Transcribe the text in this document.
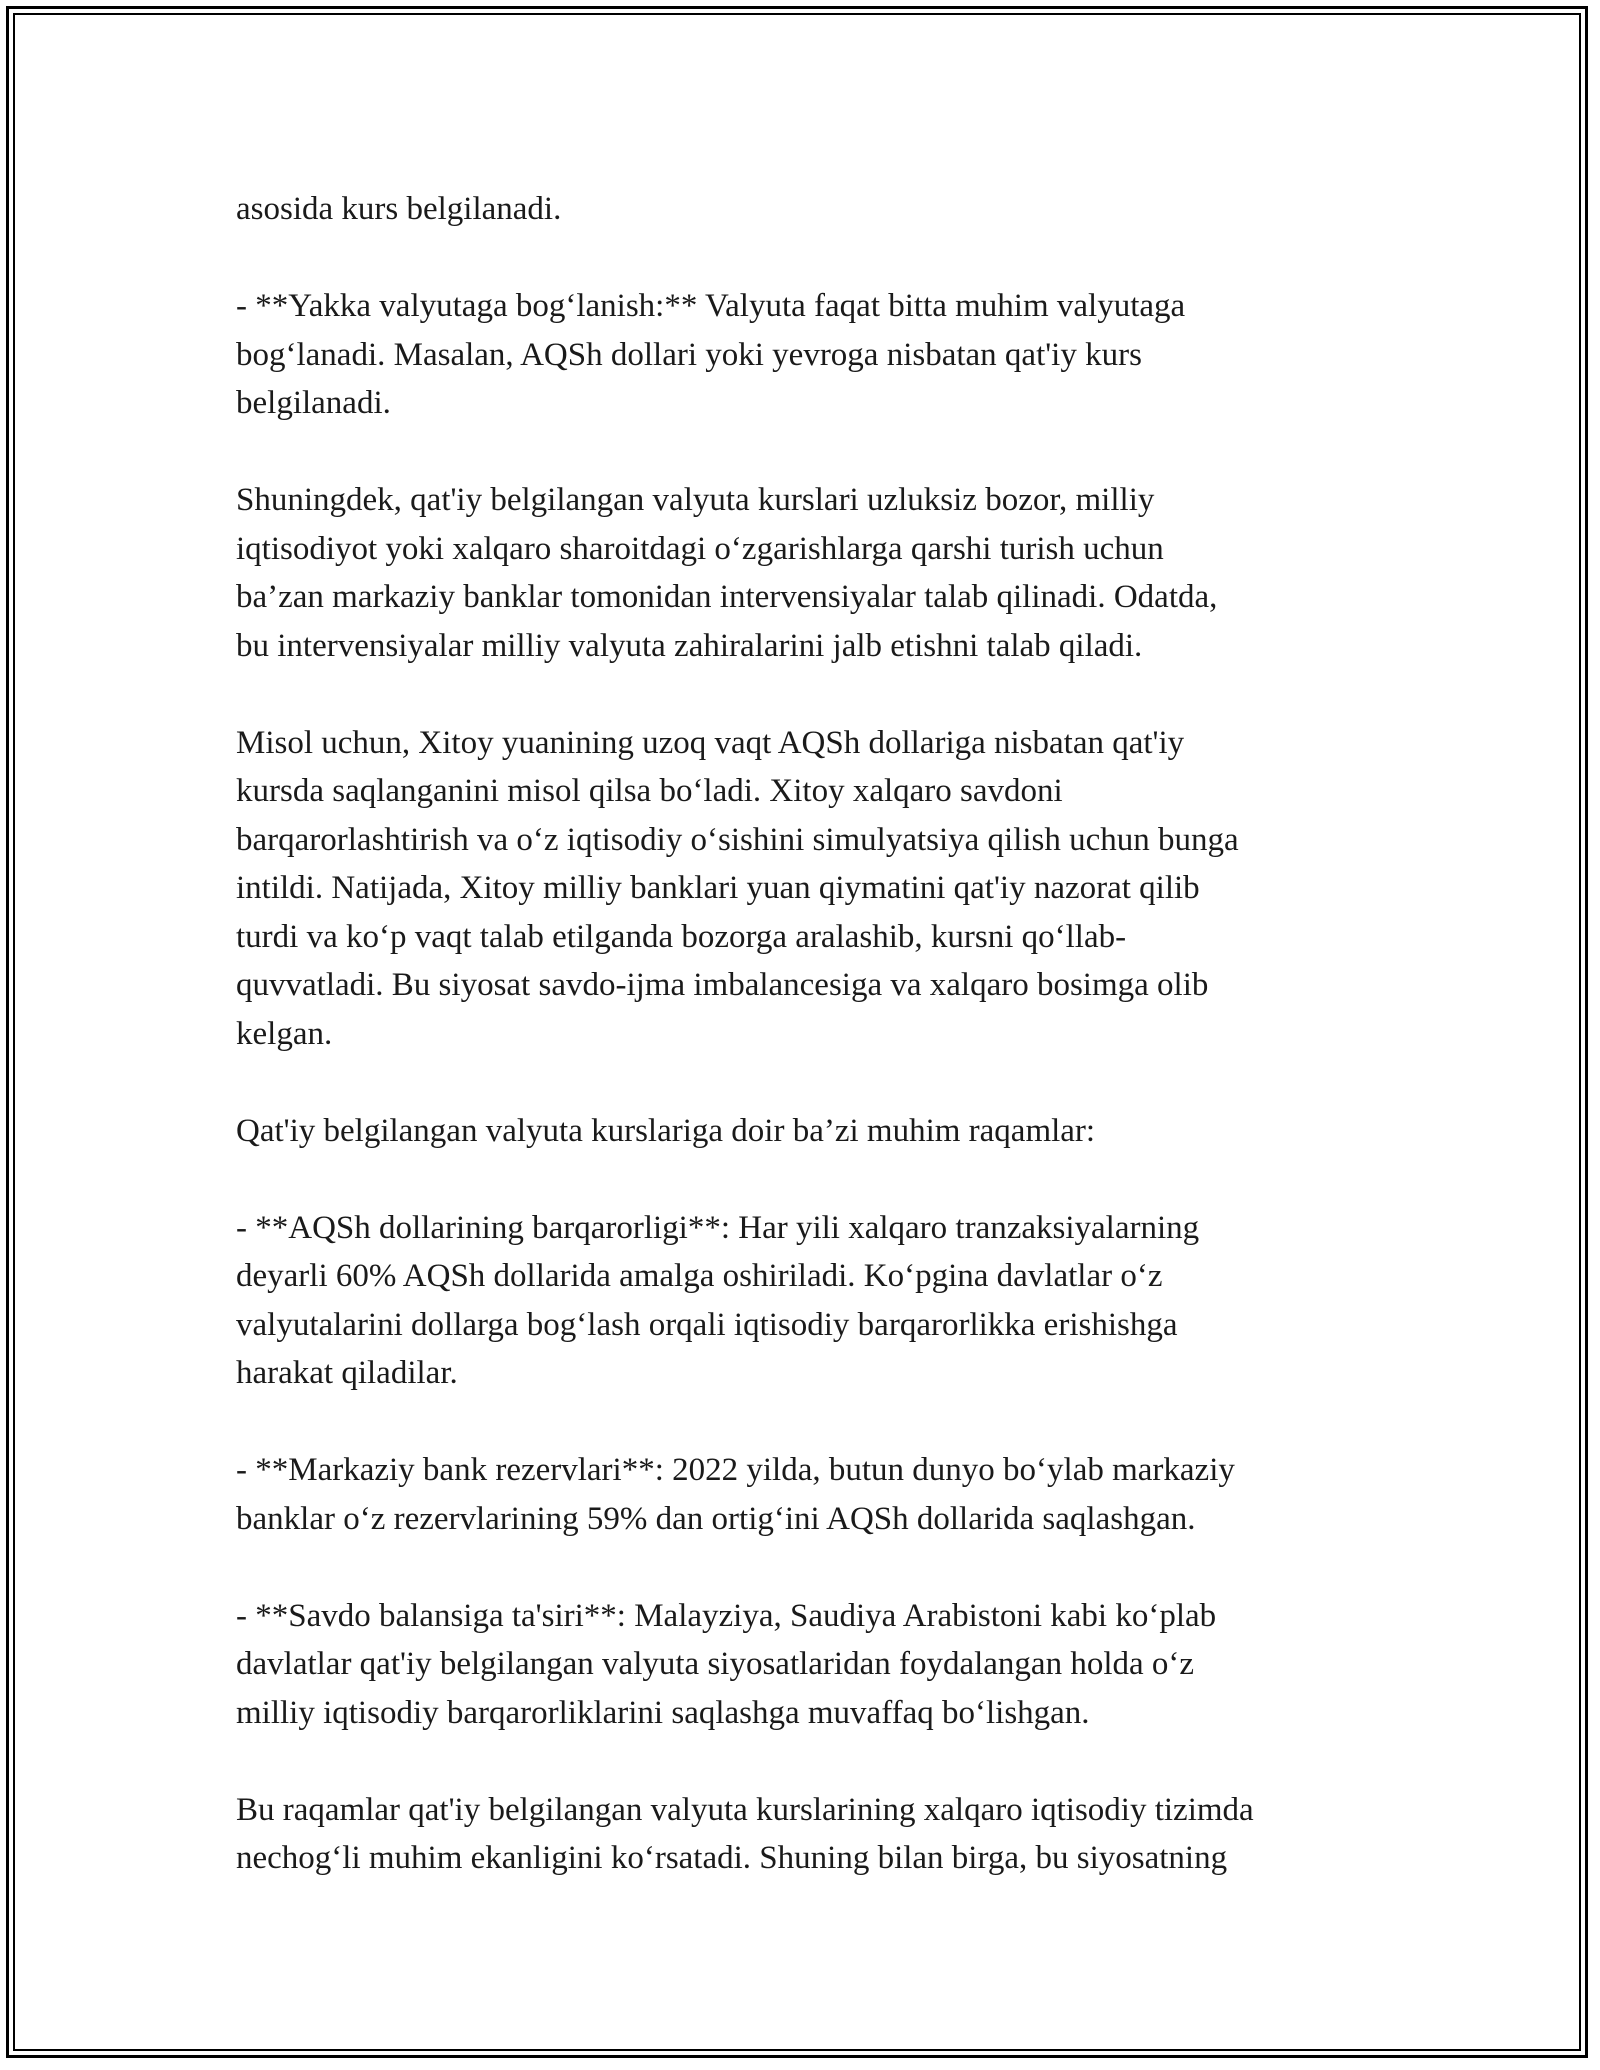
asosida kurs belgilanadi.

- **Yakka valyutaga bog‘lanish:** Valyuta faqat bitta muhim valyutaga
bog‘lanadi. Masalan, AQSh dollari yoki yevroga nisbatan qat'iy kurs
belgilanadi.

Shuningdek, qat'iy belgilangan valyuta kurslari uzluksiz bozor, milliy
iqtisodiyot yoki xalqaro sharoitdagi o‘zgarishlarga qarshi turish uchun
ba’zan markaziy banklar tomonidan intervensiyalar talab qilinadi. Odatda,
bu intervensiyalar milliy valyuta zahiralarini jalb etishni talab qiladi.

Misol uchun, Xitoy yuanining uzoq vaqt AQSh dollariga nisbatan qat'iy
kursda saqlanganini misol qilsa bo‘ladi. Xitoy xalqaro savdoni
barqarorlashtirish va o‘z iqtisodiy o‘sishini simulyatsiya qilish uchun bunga
intildi. Natijada, Xitoy milliy banklari yuan qiymatini qat'iy nazorat qilib
turdi va ko‘p vaqt talab etilganda bozorga aralashib, kursni qo‘llab-
quvvatladi. Bu siyosat savdo-ijma imbalancesiga va xalqaro bosimga olib
kelgan.

Qat'iy belgilangan valyuta kurslariga doir ba’zi muhim raqamlar:

- **AQSh dollarining barqarorligi**: Har yili xalqaro tranzaksiyalarning
deyarli 60% AQSh dollarida amalga oshiriladi. Ko‘pgina davlatlar o‘z
valyutalarini dollarga bog‘lash orqali iqtisodiy barqarorlikka erishishga
harakat qiladilar.

- **Markaziy bank rezervlari**: 2022 yilda, butun dunyo bo‘ylab markaziy
banklar o‘z rezervlarining 59% dan ortig‘ini AQSh dollarida saqlashgan.

- **Savdo balansiga ta'siri**: Malayziya, Saudiya Arabistoni kabi ko‘plab
davlatlar qat'iy belgilangan valyuta siyosatlaridan foydalangan holda o‘z
milliy iqtisodiy barqarorliklarini saqlashga muvaffaq bo‘lishgan.

Bu raqamlar qat'iy belgilangan valyuta kurslarining xalqaro iqtisodiy tizimda
nechog‘li muhim ekanligini ko‘rsatadi. Shuning bilan birga, bu siyosatning
